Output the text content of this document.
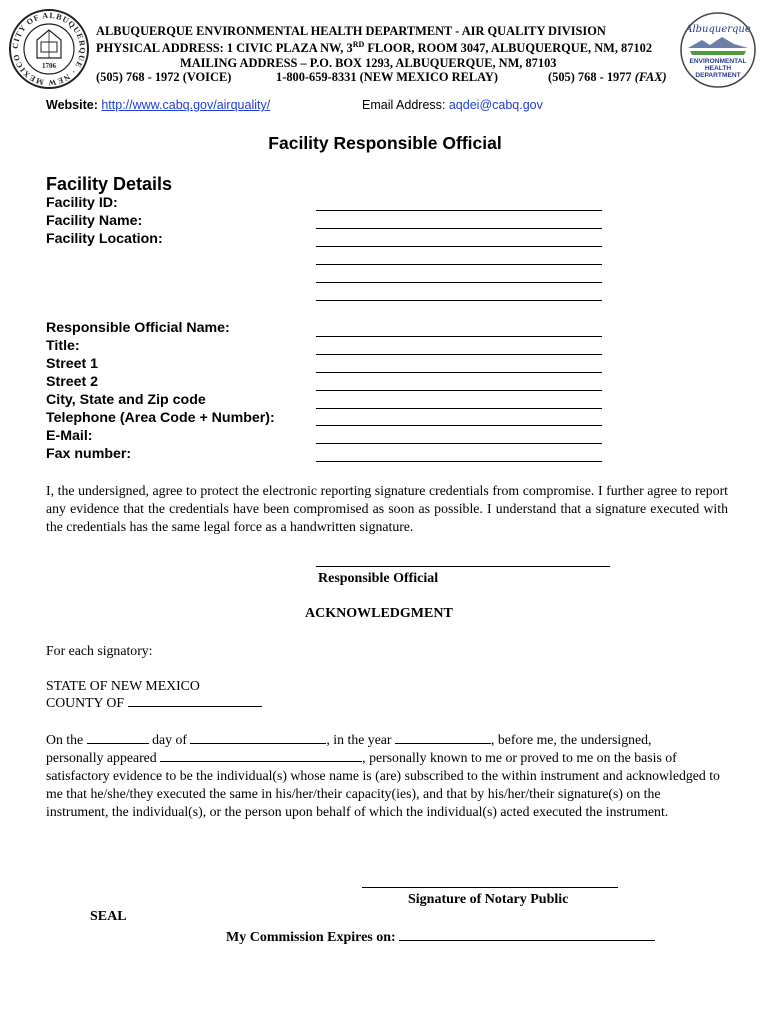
CITY OF ALBUQUERQUE · NEW MEXICO
1706
ALBUQUERQUE ENVIRONMENTAL HEALTH DEPARTMENT - AIR QUALITY DIVISION
PHYSICAL ADDRESS: 1 CIVIC PLAZA NW, 3RD FLOOR, ROOM 3047, ALBUQUERQUE, NM, 87102
MAILING ADDRESS – P.O. BOX 1293, ALBUQUERQUE, NM, 87103
(505) 768 - 1972 (VOICE)	1-800-659-8331 (NEW MEXICO RELAY)	(505) 768 - 1977 (FAX)
Albuquerque
ENVIRONMENTAL
HEALTH
DEPARTMENT
Website: http://www.cabq.gov/airquality/	Email Address: aqdei@cabq.gov
Facility Responsible Official
Facility Details
Facility ID:
Facility Name:
Facility Location:
Responsible Official Name:
Title:
Street 1
Street 2
City, State and Zip code
Telephone (Area Code + Number):
E-Mail:
Fax number:
I, the undersigned, agree to protect the electronic reporting signature credentials from compromise. I further agree to report any evidence that the credentials have been compromised as soon as possible. I understand that a signature executed with the credentials has the same legal force as a handwritten signature.
Responsible Official
ACKNOWLEDGMENT
For each signatory:
STATE OF NEW MEXICO
COUNTY OF
On the	day of	, in the year	, before me, the undersigned,
personally appeared	, personally known to me or proved to me on the basis of
satisfactory evidence to be the individual(s) whose name is (are) subscribed to the within instrument and acknowledged to me that he/she/they executed the same in his/her/their capacity(ies), and that by his/her/their signature(s) on the instrument, the individual(s), or the person upon behalf of which the individual(s) acted executed the instrument.
Signature of Notary Public
SEAL
My Commission Expires on:
